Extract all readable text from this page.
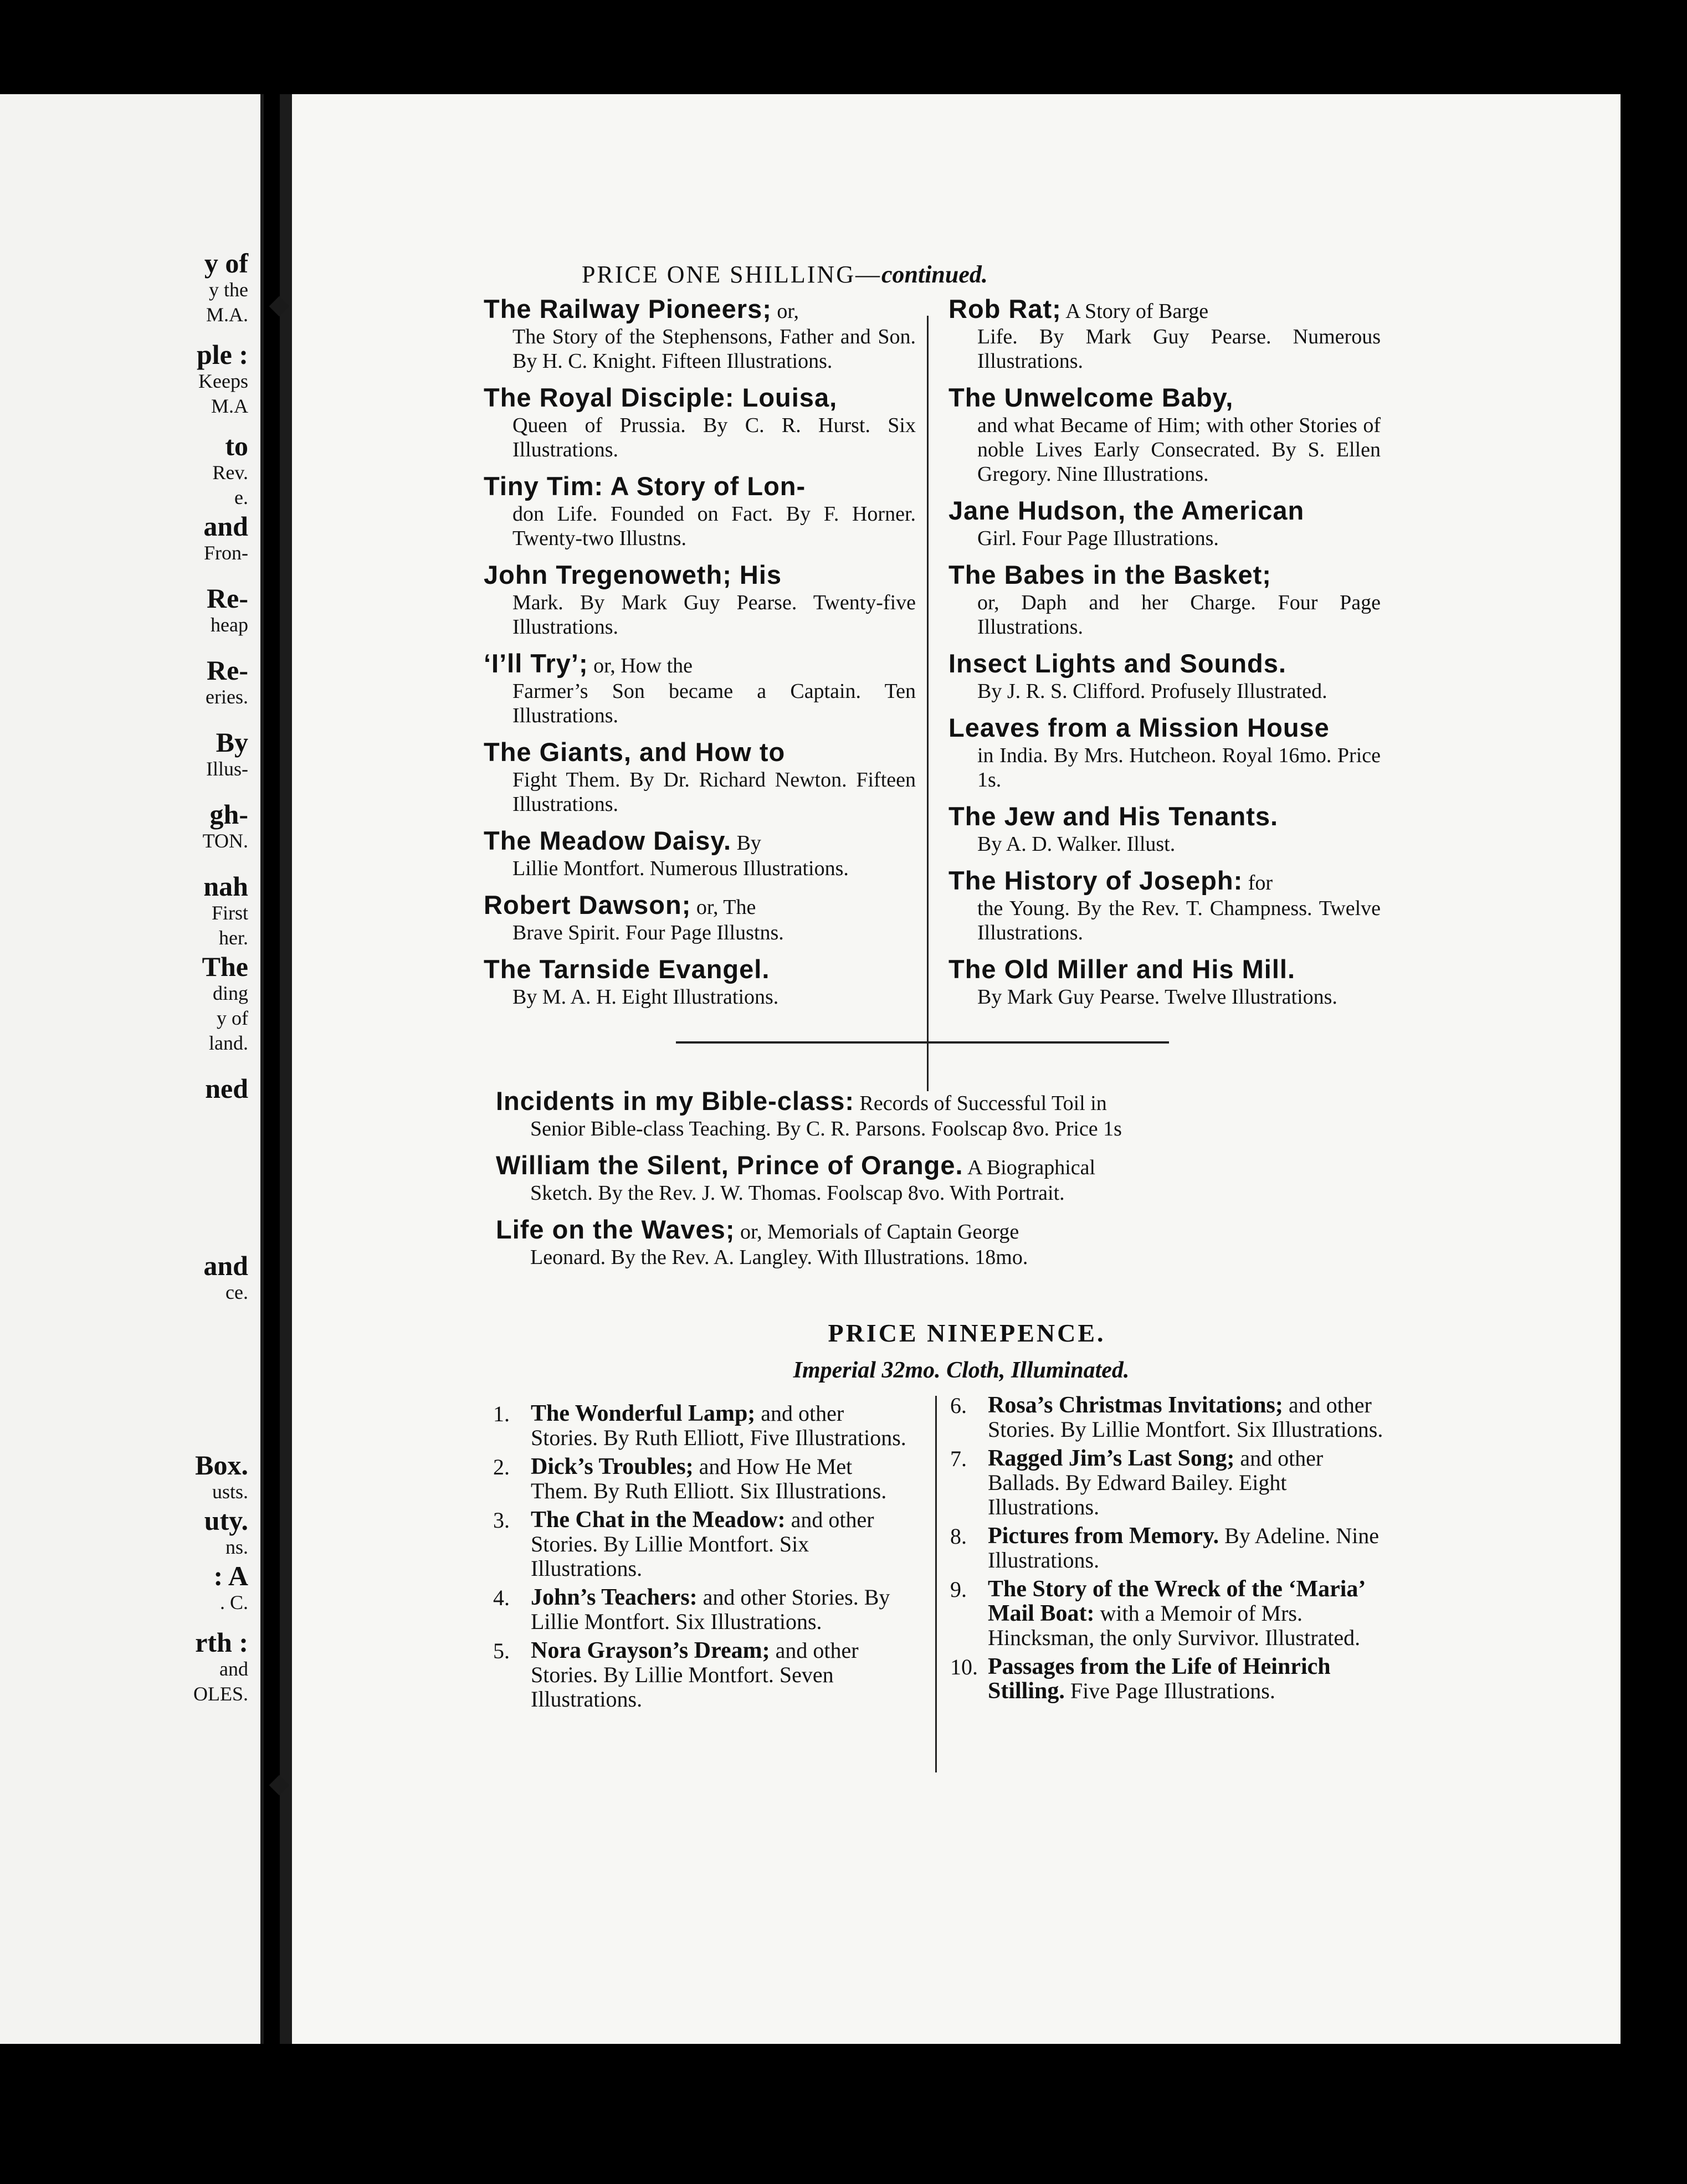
y of
y the
M.A.
ple :
Keeps
M.A
to
Rev.
e.
and
Fron-
Re-
heap
Re-
eries.
By
Illus-
gh-
TON.
nah
First
her.
The
ding
y of
land.
ned
and
ce.
Box.
usts.
uty.
ns.
: A
. C.
rth :
and
OLES.
PRICE ONE SHILLING—continued.
The Railway Pioneers; or,
The Story of the Stephensons, Father and Son. By H. C. Knight. Fifteen Illustrations.
The Royal Disciple: Louisa,
Queen of Prussia. By C. R. Hurst. Six Illustrations.
Tiny Tim: A Story of Lon-
don Life. Founded on Fact. By F. Horner. Twenty-two Illustns.
John Tregenoweth; His
Mark. By Mark Guy Pearse. Twenty-five Illustrations.
‘I’ll Try’; or, How the
Farmer’s Son became a Captain. Ten Illustrations.
The Giants, and How to
Fight Them. By Dr. Richard Newton. Fifteen Illustrations.
The Meadow Daisy. By
Lillie Montfort. Numerous Illustrations.
Robert Dawson; or, The
Brave Spirit. Four Page Illustns.
The Tarnside Evangel.
By M. A. H. Eight Illustrations.
Rob Rat; A Story of Barge
Life. By Mark Guy Pearse. Numerous Illustrations.
The Unwelcome Baby,
and what Became of Him; with other Stories of noble Lives Early Consecrated. By S. Ellen Gregory. Nine Illustrations.
Jane Hudson, the American
Girl. Four Page Illustrations.
The Babes in the Basket;
or, Daph and her Charge. Four Page Illustrations.
Insect Lights and Sounds.
By J. R. S. Clifford. Profusely Illustrated.
Leaves from a Mission House
in India. By Mrs. Hutcheon. Royal 16mo. Price 1s.
The Jew and His Tenants.
By A. D. Walker. Illust.
The History of Joseph: for
the Young. By the Rev. T. Champness. Twelve Illustrations.
The Old Miller and His Mill.
By Mark Guy Pearse. Twelve Illustrations.
Incidents in my Bible-class: Records of Successful Toil in
Senior Bible-class Teaching. By C. R. Parsons. Foolscap 8vo. Price 1s
William the Silent, Prince of Orange. A Biographical
Sketch. By the Rev. J. W. Thomas. Foolscap 8vo. With Portrait.
Life on the Waves; or, Memorials of Captain George
Leonard. By the Rev. A. Langley. With Illustrations. 18mo.
PRICE NINEPENCE.
Imperial 32mo. Cloth, Illuminated.
1. The Wonderful Lamp; and other Stories. By Ruth Elliott, Five Illustrations.
2. Dick’s Troubles; and How He Met Them. By Ruth Elliott. Six Illustrations.
3. The Chat in the Meadow: and other Stories. By Lillie Montfort. Six Illustrations.
4. John’s Teachers: and other Stories. By Lillie Montfort. Six Illustrations.
5. Nora Grayson’s Dream; and other Stories. By Lillie Montfort. Seven Illustrations.
6. Rosa’s Christmas Invitations; and other Stories. By Lillie Montfort. Six Illustrations.
7. Ragged Jim’s Last Song; and other Ballads. By Edward Bailey. Eight Illustrations.
8. Pictures from Memory. By Adeline. Nine Illustrations.
9. The Story of the Wreck of the ‘Maria’ Mail Boat: with a Memoir of Mrs. Hincksman, the only Survivor. Illustrated.
10. Passages from the Life of Heinrich Stilling. Five Page Illustrations.
